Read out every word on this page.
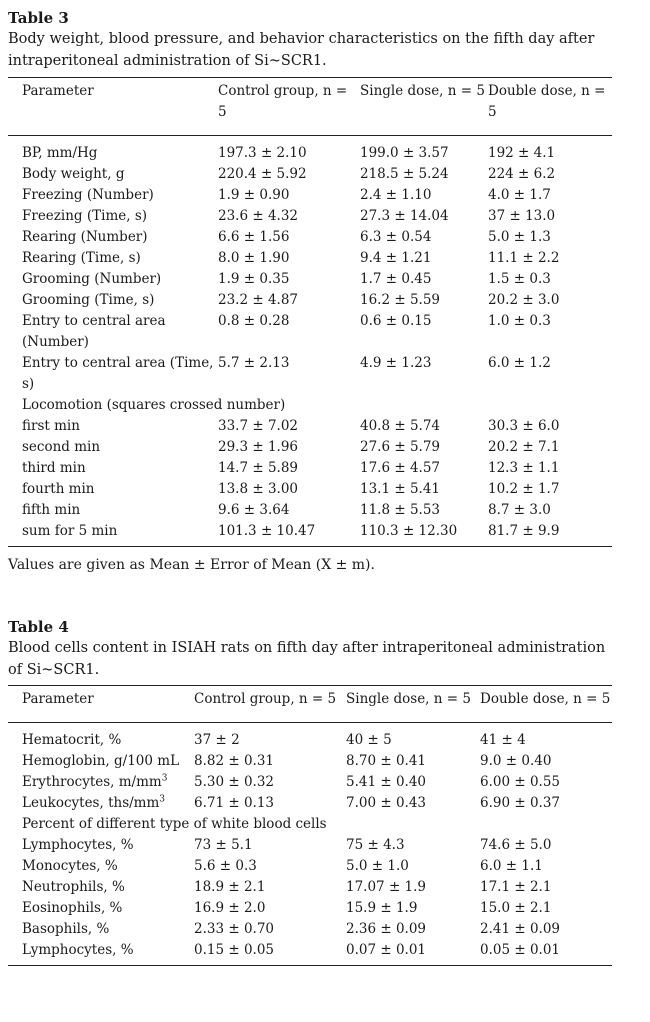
Table 3

Body weight, blood pressure, and behavior characteristics on the fifth day after intraperitoneal administration of Si~SCR1.

Parameter	Control group, n = 5	Single dose, n = 5	Double dose, n = 5
BP, mm/Hg	197.3 ± 2.10	199.0 ± 3.57	192 ± 4.1
Body weight, g	220.4 ± 5.92	218.5 ± 5.24	224 ± 6.2
Freezing (Number)	1.9 ± 0.90	2.4 ± 1.10	4.0 ± 1.7
Freezing (Time, s)	23.6 ± 4.32	27.3 ± 14.04	37 ± 13.0
Rearing (Number)	6.6 ± 1.56	6.3 ± 0.54	5.0 ± 1.3
Rearing (Time, s)	8.0 ± 1.90	9.4 ± 1.21	11.1 ± 2.2
Grooming (Number)	1.9 ± 0.35	1.7 ± 0.45	1.5 ± 0.3
Grooming (Time, s)	23.2 ± 4.87	16.2 ± 5.59	20.2 ± 3.0
Entry to central area (Number)	0.8 ± 0.28	0.6 ± 0.15	1.0 ± 0.3
Entry to central area (Time, s)	5.7 ± 2.13	4.9 ± 1.23	6.0 ± 1.2
Locomotion (squares crossed number)			
first min	33.7 ± 7.02	40.8 ± 5.74	30.3 ± 6.0
second min	29.3 ± 1.96	27.6 ± 5.79	20.2 ± 7.1
third min	14.7 ± 5.89	17.6 ± 4.57	12.3 ± 1.1
fourth min	13.8 ± 3.00	13.1 ± 5.41	10.2 ± 1.7
fifth min	9.6 ± 3.64	11.8 ± 5.53	8.7 ± 3.0
sum for 5 min	101.3 ± 10.47	110.3 ± 12.30	81.7 ± 9.9
Values are given as Mean ± Error of Mean (X ± m).

Table 4

Blood cells content in ISIAH rats on fifth day after intraperitoneal administration of Si~SCR1.

Parameter	Control group, n = 5	Single dose, n = 5	Double dose, n = 5
Hematocrit, %	37 ± 2	40 ± 5	41 ± 4
Hemoglobin, g/100 mL	8.82 ± 0.31	8.70 ± 0.41	9.0 ± 0.40
Erythrocytes, $m/mm^3$	5.30 ± 0.32	5.41 ± 0.40	6.00 ± 0.55
Leukocytes, ths/$mm^3$	6.71 ± 0.13	7.00 ± 0.43	6.90 ± 0.37
Percent of different type of white blood cells			
Lymphocytes, %	73 ± 5.1	75 ± 4.3	74.6 ± 5.0
Monocytes, %	5.6 ± 0.3	5.0 ± 1.0	6.0 ± 1.1
Neutrophils, %	18.9 ± 2.1	17.07 ± 1.9	17.1 ± 2.1
Eosinophils, %	16.9 ± 2.0	15.9 ± 1.9	15.0 ± 2.1
Basophils, %	2.33 ± 0.70	2.36 ± 0.09	2.41 ± 0.09
Lymphocytes, %	0.15 ± 0.05	0.07 ± 0.01	0.05 ± 0.01
